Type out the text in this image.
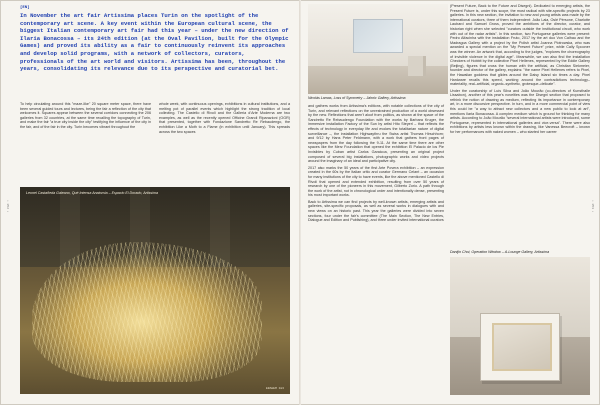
• 052 •	• 053 •
[EN]

In November the art fair Artissima places Turin on the spotlight of the contemporary art scene. A key event within the European cultural scene, the biggest Italian contemporary art fair had this year – under the new direction of Ilaria Bonacossa – its 24th edition (at the Oval Pavilion, built for the Olympic Games) and proved its ability as a fair to continuously reinvent its approaches and develop solid programs, with a network of collectors, curators, professionals of the art world and visitors. Artissima has been, throughout the years, consolidating its relevance due to its perspective and curatorial bet.

To help circulating around this "maze-like" 20 square meter space, there have been several guided tours and lectures, being the fair a reflection of the city that welcomes it. Squares appear between the several corridors connecting the 206 galleries from 32 countries, at the same time recalling the topography of Turin, and make the fair "a true city inside the city" testifying the influence of the city in the fair, and of the fair in the city. Turin becomes vibrant throughout the

whole week, with continuous openings, exhibitions in cultural institutions, and a melting pot of parallel events which highlight the strong tradition of local collecting. The Castello di Rivoli and the Galleria d'Arte Moderna are two examples, as well as the recently opened Officine Grandi Riparazioni (OGR) that presented, together with Fondazione Sandretto Re Rebaudengo, the exhibition Like a Moth to a Flame (in exhibition until January). This spreads across the two spaces

Leonel Castañeda Galeano, Qué Intensa Anatomía – Espacio El Dorado, Artissima

ERAGEM 183

Nicolás Lamas, Loss of Symmetry – Jahnic Gallery, Artissima

and gathers works from Artissima's editions, with notable collections of the city of Turin, and relevant reflections on the unrestrained production of a world obsessed by the new. Reflections that aren't aloof from politics, as shown at the space of the Sandretto Re Rebaudengo Foundation with the works by Barbara Kruger, the immersive installation Factory of the Sun by artist Hito Steyerl – that reflects the effects of technology in everyday life and evokes the totalitarian nature of digital surveillance –, the installation Highwaythru the Swiss artist Thomas Hirschhorn; and 9/12 by Hans Peter Feldmann, with a work that gathers front pages of newspapers from the day following the 9-11. At the same time there are other spaces like the Merz Foundation that opened the exhibition El Palacio de los Pie Invisibles by Cuban artist Carlos Garaicoa, presenting an original project composed of several big installations, photographic works and video projects around the imaginary of an ideal and participative city.

2017 also marks the 50 years of the first Arte Povera exhibition – an expression created in the 60s by the Italian critic and curator Germano Celant – an occasion for many institutions of the city to have events, like the above mentioned Castello di Rivoli that opened and extended exhibition, resulting from over 50 years of research by one of the pioneers in this movement, Gilberto Zorio. A path through the work of the artist, not in chronological order and intentionally dense, presenting his most important works.

Back to Artissima we can find projects by well-known artists, emerging artists and galleries, site-specific proposals, as well as several works in dialogues with and new views on an historic past. This year the galleries were divided into seven sections, four under the fair's committee (The Main Section, The New Entries, Dialogue and Edition and Publishing), and three under invited international curators

(Present Future, Back to the Future and Disegni). Dedicated to emerging artists, the Present Future is, under this scope, the most radical with site-specific projects by 23 galleries. In this new section, the invitation to new and young artists was made by the international curators, three of them independent: João Laia, Oslé Pérsone, Charlotte Laubard and Samuel Gross, proved the ambitions of the director, curator, and historian right when she selected "curators outside the institutional circuit, who work with out of the radar artists". In this section, two Portuguese galleries were present: Pedro Alfacinha with the installation Fruto, 2017 by the art duo Von Calhau and the Madragoa Gallery with a project by the Polish artist Joanna Piotrowska, who was awarded a special mention on the "My Present Future" prize, while Cally Spooner was the winner. An artwork that, according to the judges, "explores the choreography of invisible violence in the digital age". Meanwhile, we can also find the installation Checkers of Hobbit by the collective Pixel Hellenes, represented by the Eddie Gallery (Beijing), figures that cross the human with the artificial, as Christian Siekmeier, founder and director of the gallery, explains: "the name Pixel Hellenes refers to Pixel, the Hawaiian goddess that glides around the Daisy Island six times a day. Pixel Hardware recalls this speed, working around the contradictions technology–materiality, real–artificial, organic–synthetic, grotesque–delicate".

Under the curatorship of Luís Silva and João Mourão (co-directors of Kunsthalle Lissabon), another of this year's novelties was the Disegni section that proposed to rethink the notion of drawing as medium, reflecting its importance in contemporary art, in a more discursive perspective. In turn, and in a more commercial point of view this could be "a way to attract new collectors and a new public to look at art", mentions Ilaria Bonacossa. A complex medium which is ground for thinking for many artists. According to João Mourão "several international artists were introduced, some Portuguese, represented in international galleries and vice-versa". There were also exhibitions by artists less known within the drawing, like Vanessa Beecroft – known for her performances with naked women – who started her career

Danijin Choi, Operation Window – A-Lounge Gallery, Artissima
